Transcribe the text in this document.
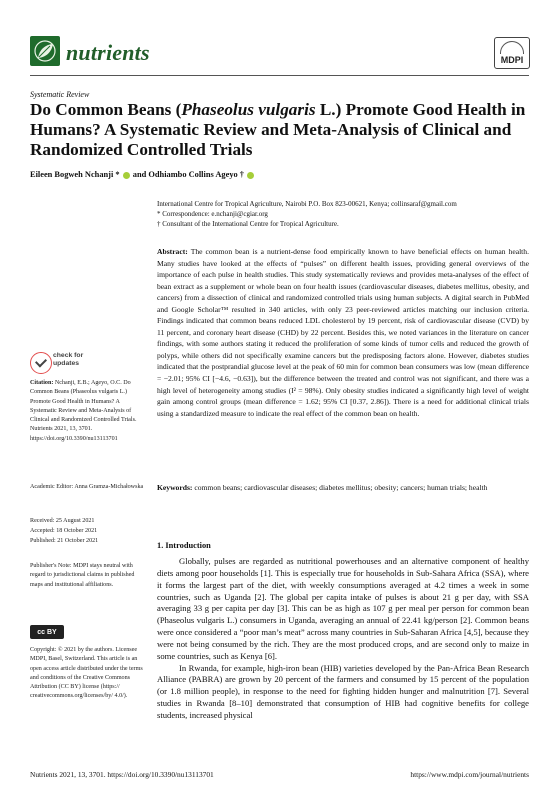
nutrients	MDPI
Systematic Review
Do Common Beans (Phaseolus vulgaris L.) Promote Good Health in Humans? A Systematic Review and Meta-Analysis of Clinical and Randomized Controlled Trials
Eileen Bogweh Nchanji * and Odhiambo Collins Ageyo †
International Centre for Tropical Agriculture, Nairobi P.O. Box 823-00621, Kenya; collinsaraf@gmail.com
* Correspondence: e.nchanji@cgiar.org
† Consultant of the International Centre for Tropical Agriculture.
Abstract: The common bean is a nutrient-dense food empirically known to have beneficial effects on human health. Many studies have looked at the effects of “pulses” on different health issues, providing general overviews of the importance of each pulse in health studies. This study systematically reviews and provides meta-analyses of the effect of bean extract as a supplement or whole bean on four health issues (cardiovascular diseases, diabetes mellitus, obesity, and cancers) from a dissection of clinical and randomized controlled trials using human subjects. A digital search in PubMed and Google Scholar™ resulted in 340 articles, with only 23 peer-reviewed articles matching our inclusion criteria. Findings indicated that common beans reduced LDL cholesterol by 19 percent, risk of cardiovascular disease (CVD) by 11 percent, and coronary heart disease (CHD) by 22 percent. Besides this, we noted variances in the literature on cancer findings, with some authors stating it reduced the proliferation of some kinds of tumor cells and reduced the growth of polyps, while others did not specifically examine cancers but the predisposing factors alone. However, diabetes studies indicated that the postprandial glucose level at the peak of 60 min for common bean consumers was low (mean difference = −2.01; 95% CI [−4.6, −0.63]), but the difference between the treated and control was not significant, and there was a high level of heterogeneity among studies (I² = 98%). Only obesity studies indicated a significantly high level of weight gain among control groups (mean difference = 1.62; 95% CI [0.37, 2.86]). There is a need for additional clinical trials using a standardized measure to indicate the real effect of the common bean on health.
Keywords: common beans; cardiovascular diseases; diabetes mellitus; obesity; cancers; human trials; health
check for updates
Citation: Nchanji, E.B.; Ageyo, O.C. Do Common Beans (Phaseolus vulgaris L.) Promote Good Health in Humans? A Systematic Review and Meta-Analysis of Clinical and Randomized Controlled Trials. Nutrients 2021, 13, 3701. https://doi.org/10.3390/nu13113701
Academic Editor: Anna Gramza-Michałowska
Received: 25 August 2021
Accepted: 18 October 2021
Published: 21 October 2021
Publisher's Note: MDPI stays neutral with regard to jurisdictional claims in published maps and institutional affiliations.
cc BY
Copyright: © 2021 by the authors. Licensee MDPI, Basel, Switzerland. This article is an open access article distributed under the terms and conditions of the Creative Commons Attribution (CC BY) license (https:// creativecommons.org/licenses/by/ 4.0/).
1. Introduction

Globally, pulses are regarded as nutritional powerhouses and an alternative component of healthy diets among poor households [1]. This is especially true for households in Sub-Sahara Africa (SSA), where it forms the largest part of the diet, with weekly consumptions averaged at 4.2 times a week in some countries, such as Uganda [2]. The global per capita intake of pulses is about 21 g per day, with SSA averaging 33 g per capita per day [3]. This can be as high as 107 g per meal per person for common bean (Phaseolus vulgaris L.) consumers in Uganda, averaging an annual of 22.41 kg/person [2]. Common beans were once considered a “poor man’s meat” across many countries in Sub-Saharan Africa [4,5], because they were not being consumed by the rich. They are the most produced crops, and are second only to maize in some countries, such as Kenya [6].

In Rwanda, for example, high-iron bean (HIB) varieties developed by the Pan-Africa Bean Research Alliance (PABRA) are grown by 20 percent of the farmers and consumed by 15 percent of the population (or 1.8 million people), in response to the need for fighting hidden hunger and malnutrition [7]. Several studies in Rwanda [8–10] demonstrated that consumption of HIB had cognitive benefits for college students, increased physical

Nutrients 2021, 13, 3701. https://doi.org/10.3390/nu13113701	https://www.mdpi.com/journal/nutrients
